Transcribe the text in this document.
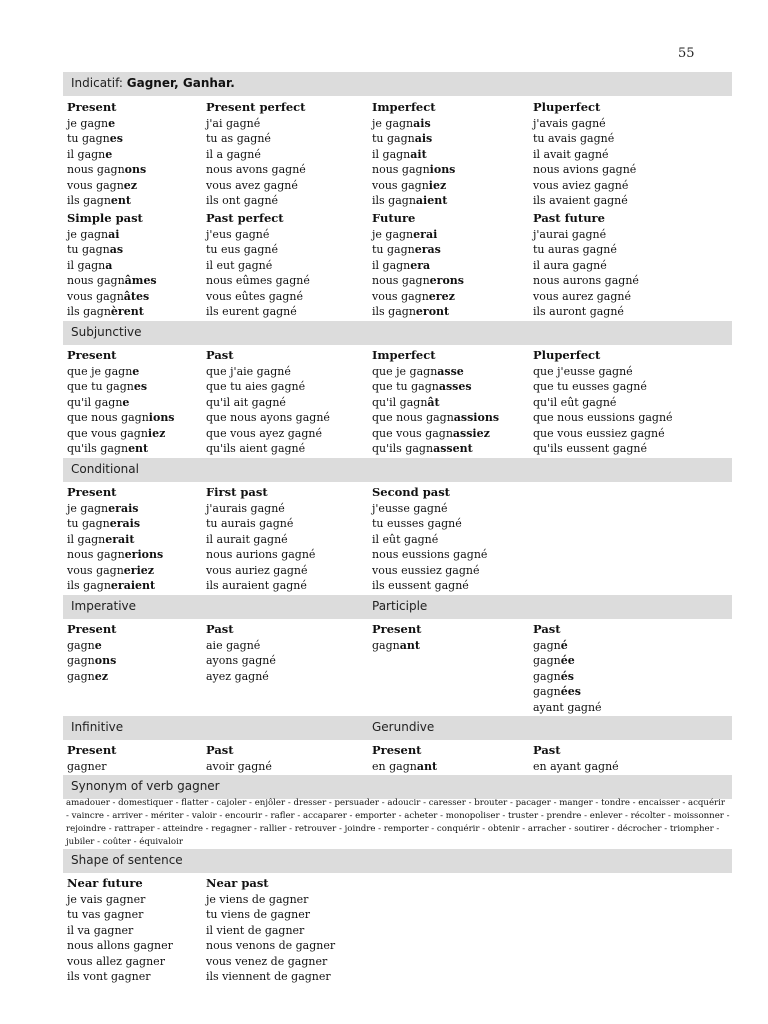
55
Indicatif: Gagner, Ganhar.
Present
je gagne
tu gagnes
il gagne
nous gagnons
vous gagnez
ils gagnent
Present perfect
j'ai gagné
tu as gagné
il a gagné
nous avons gagné
vous avez gagné
ils ont gagné
Imperfect
je gagnais
tu gagnais
il gagnait
nous gagnions
vous gagniez
ils gagnaient
Pluperfect
j'avais gagné
tu avais gagné
il avait gagné
nous avions gagné
vous aviez gagné
ils avaient gagné
Simple past
je gagnai
tu gagnas
il gagna
nous gagnâmes
vous gagnâtes
ils gagnèrent
Past perfect
j'eus gagné
tu eus gagné
il eut gagné
nous eûmes gagné
vous eûtes gagné
ils eurent gagné
Future
je gagnerai
tu gagneras
il gagnera
nous gagnerons
vous gagnerez
ils gagneront
Past future
j'aurai gagné
tu auras gagné
il aura gagné
nous aurons gagné
vous aurez gagné
ils auront gagné
Subjunctive
Present
que je gagne
que tu gagnes
qu'il gagne
que nous gagnions
que vous gagniez
qu'ils gagnent
Past
que j'aie gagné
que tu aies gagné
qu'il ait gagné
que nous ayons gagné
que vous ayez gagné
qu'ils aient gagné
Imperfect
que je gagnasse
que tu gagnasses
qu'il gagnât
que nous gagnassions
que vous gagnassiez
qu'ils gagnassent
Pluperfect
que j'eusse gagné
que tu eusses gagné
qu'il eût gagné
que nous eussions gagné
que vous eussiez gagné
qu'ils eussent gagné
Conditional
Present
je gagnerais
tu gagnerais
il gagnerait
nous gagnerions
vous gagneriez
ils gagneraient
First past
j'aurais gagné
tu aurais gagné
il aurait gagné
nous aurions gagné
vous auriez gagné
ils auraient gagné
Second past
j'eusse gagné
tu eusses gagné
il eût gagné
nous eussions gagné
vous eussiez gagné
ils eussent gagné
Imperative	Participle
Present
gagne
gagnons
gagnez
Past
aie gagné
ayons gagné
ayez gagné
Present
gagnant
Past
gagné
gagnée
gagnés
gagnées
ayant gagné
Infinitive	Gerundive
Present
gagner
Past
avoir gagné
Present
en gagnant
Past
en ayant gagné
Synonym of verb gagner
amadouer - domestiquer - flatter - cajoler - enjôler - dresser - persuader - adoucir - caresser - brouter - pacager - manger - tondre - encaisser - acquérir - vaincre - arriver - mériter - valoir - encourir - rafler - accaparer - emporter - acheter - monopoliser - truster - prendre - enlever - récolter - moissonner - rejoindre - rattraper - atteindre - regagner - rallier - retrouver - joindre - remporter - conquérir - obtenir - arracher - soutirer - décrocher - triompher - jubiler - coûter - équivaloir
Shape of sentence
Near future
je vais gagner
tu vas gagner
il va gagner
nous allons gagner
vous allez gagner
ils vont gagner
Near past
je viens de gagner
tu viens de gagner
il vient de gagner
nous venons de gagner
vous venez de gagner
ils viennent de gagner
